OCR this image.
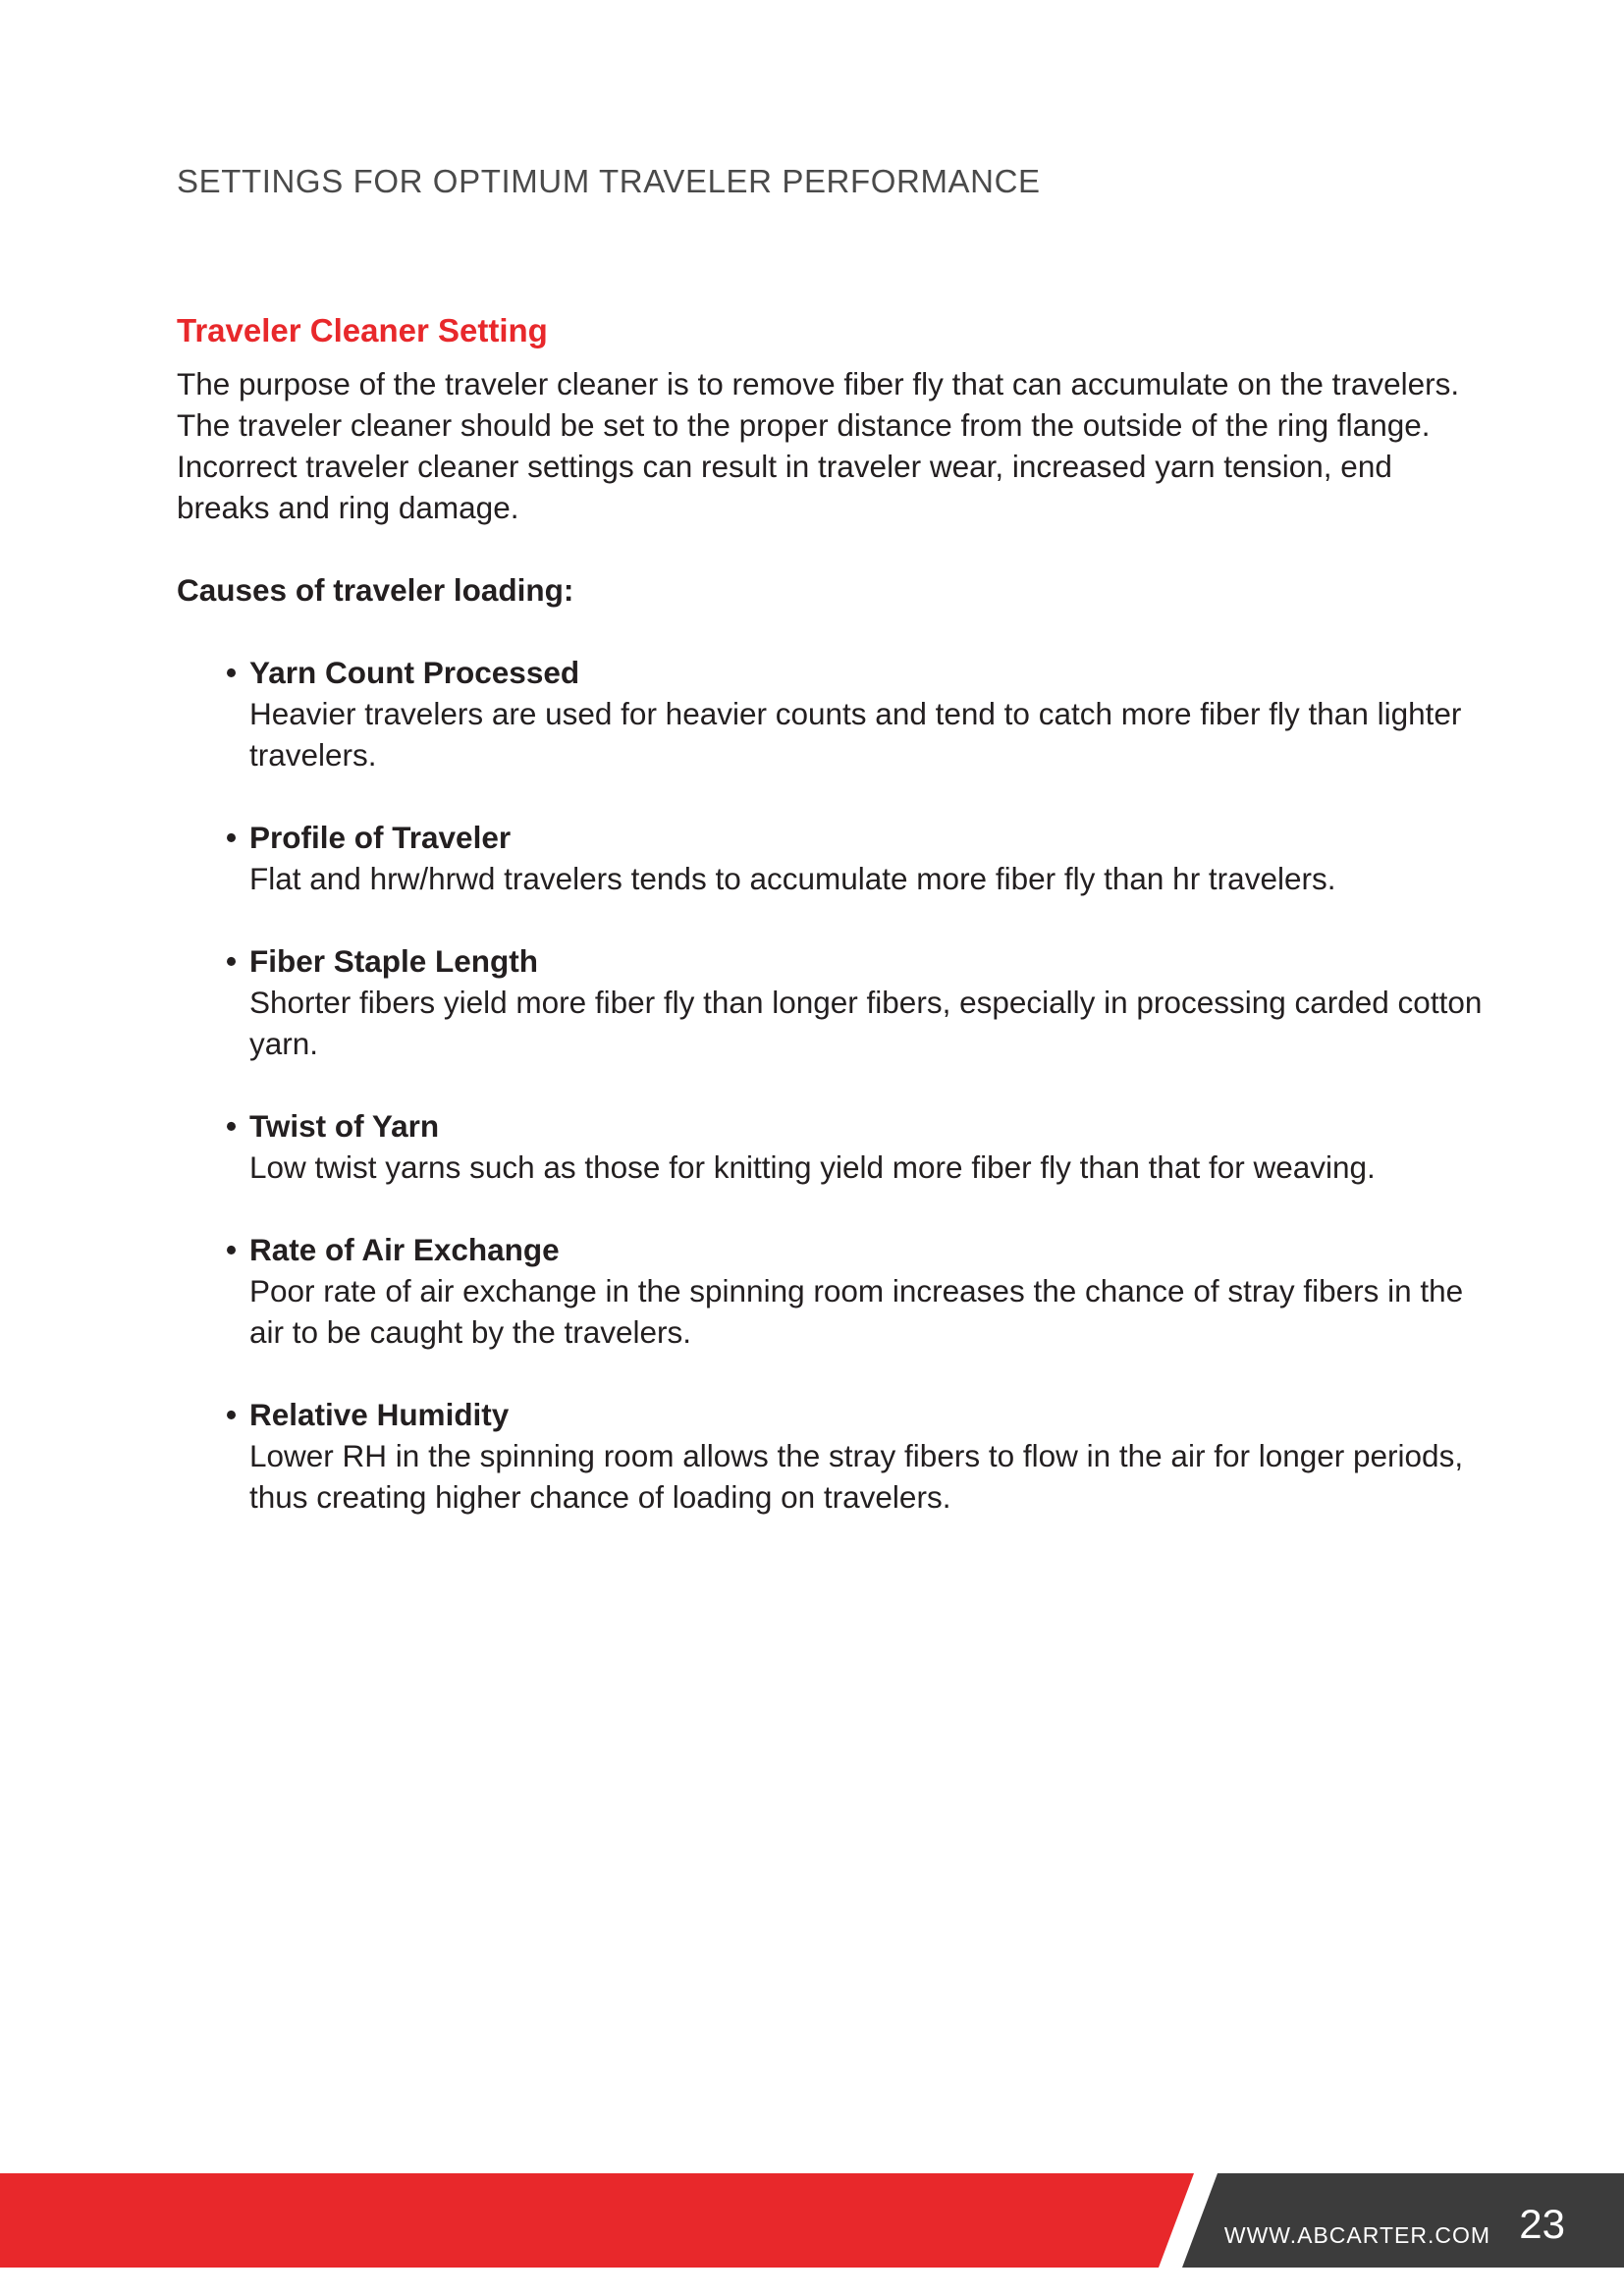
SETTINGS FOR OPTIMUM TRAVELER PERFORMANCE
Traveler Cleaner Setting

The purpose of the traveler cleaner is to remove fiber fly that can accumulate on the travelers. The traveler cleaner should be set to the proper distance from the outside of the ring flange. Incorrect traveler cleaner settings can result in traveler wear, increased yarn tension, end breaks and ring damage.

Causes of traveler loading:

• Yarn Count Processed
Heavier travelers are used for heavier counts and tend to catch more fiber fly than lighter travelers.
• Profile of Traveler
Flat and hrw/hrwd travelers tends to accumulate more fiber fly than hr travelers.
• Fiber Staple Length
Shorter fibers yield more fiber fly than longer fibers, especially in processing carded cotton yarn.
• Twist of Yarn
Low twist yarns such as those for knitting yield more fiber fly than that for weaving.
• Rate of Air Exchange
Poor rate of air exchange in the spinning room increases the chance of stray fibers in the air to be caught by the travelers.
• Relative Humidity
Lower RH in the spinning room allows the stray fibers to flow in the air for longer periods, thus creating higher chance of loading on travelers.
WWW.ABCARTER.COM 23
